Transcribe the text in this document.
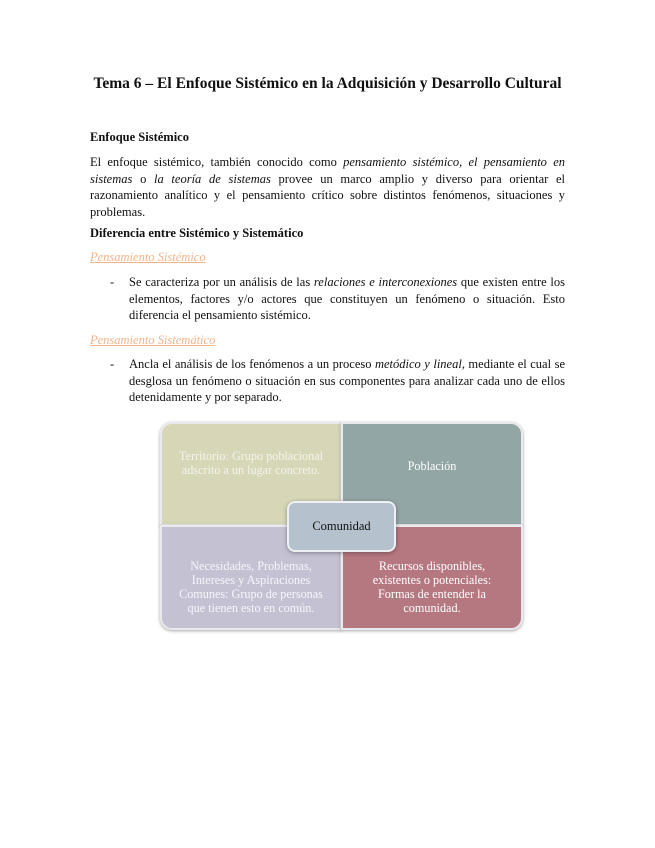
Tema 6 – El Enfoque Sistémico en la Adquisición y Desarrollo Cultural
Enfoque Sistémico

El enfoque sistémico, también conocido como pensamiento sistémico, el pensamiento en sistemas o la teoría de sistemas provee un marco amplio y diverso para orientar el razonamiento analítico y el pensamiento crítico sobre distintos fenómenos, situaciones y problemas.

Diferencia entre Sistémico y Sistemático

Pensamiento Sistémico

- Se caracteriza por un análisis de las relaciones e interconexiones que existen entre los elementos, factores y/o actores que constituyen un fenómeno o situación. Esto diferencia el pensamiento sistémico.

Pensamiento Sistemático

- Ancla el análisis de los fenómenos a un proceso metódico y lineal, mediante el cual se desglosa un fenómeno o situación en sus componentes para analizar cada uno de ellos detenidamente y por separado.
Territorio: Grupo poblacional adscrito a un lugar concreto.	Población
Necesidades, Problemas, Intereses y Aspiraciones Comunes: Grupo de personas que tienen esto en común.
Recursos disponibles, existentes o potenciales: Formas de entender la comunidad.
Comunidad
